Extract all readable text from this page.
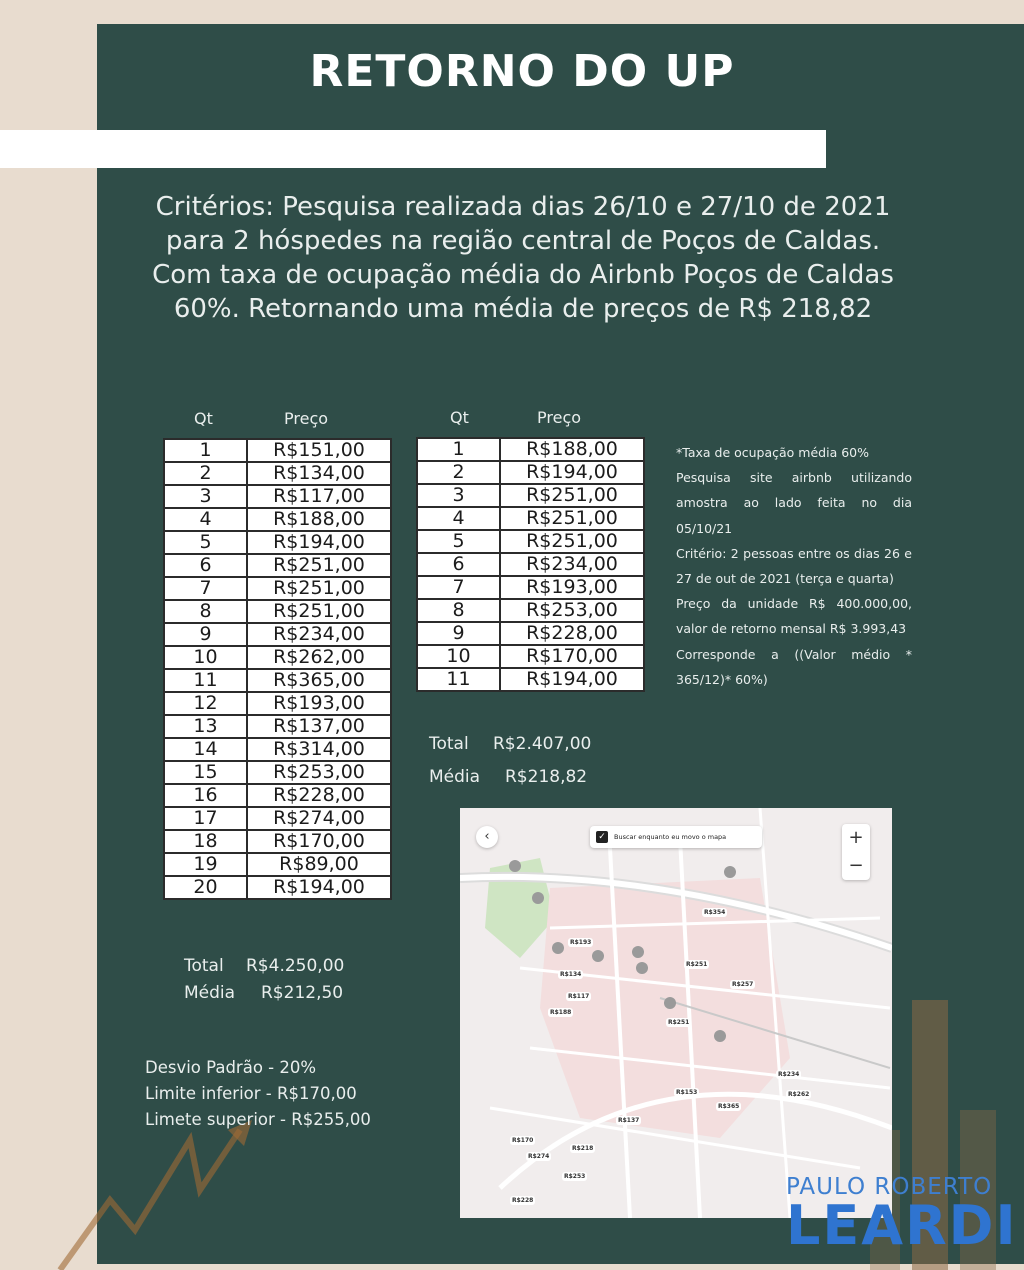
RETORNO DO UP
Critérios: Pesquisa realizada dias 26/10 e 27/10 de 2021 para 2 hóspedes na região central de Poços de Caldas. Com taxa de ocupação média do Airbnb Poços de Caldas 60%. Retornando uma média de preços de R$ 218,82
Qt	Preço
1	R$151,00
2	R$134,00
3	R$117,00
4	R$188,00
5	R$194,00
6	R$251,00
7	R$251,00
8	R$251,00
9	R$234,00
10	R$262,00
11	R$365,00
12	R$193,00
13	R$137,00
14	R$314,00
15	R$253,00
16	R$228,00
17	R$274,00
18	R$170,00
19	R$89,00
20	R$194,00
Total R$4.250,00
Média R$212,50
Qt	Preço
1	R$188,00
2	R$194,00
3	R$251,00
4	R$251,00
5	R$251,00
6	R$234,00
7	R$193,00
8	R$253,00
9	R$228,00
10	R$170,00
11	R$194,00
Total R$2.407,00
Média R$218,82
*Taxa de ocupação média 60%
Pesquisa site airbnb utilizando amostra ao lado feita no dia 05/10/21
Critério: 2 pessoas entre os dias 26 e 27 de out de 2021 (terça e quarta)
Preço da unidade R$ 400.000,00, valor de retorno mensal R$ 3.993,43
Corresponde a ((Valor médio * 365/12)* 60%)
Desvio Padrão - 20%
Limite inferior - R$170,00
Limete superior - R$255,00
‹	✓	Buscar enquanto eu movo o mapa	+
−
R$354
R$193
R$134
R$251
R$257
R$117
R$188
R$251
R$234
R$262
R$153
R$365
R$137
R$170
R$218
R$274
R$253
R$228
PAULO ROBERTO
LEARDI
